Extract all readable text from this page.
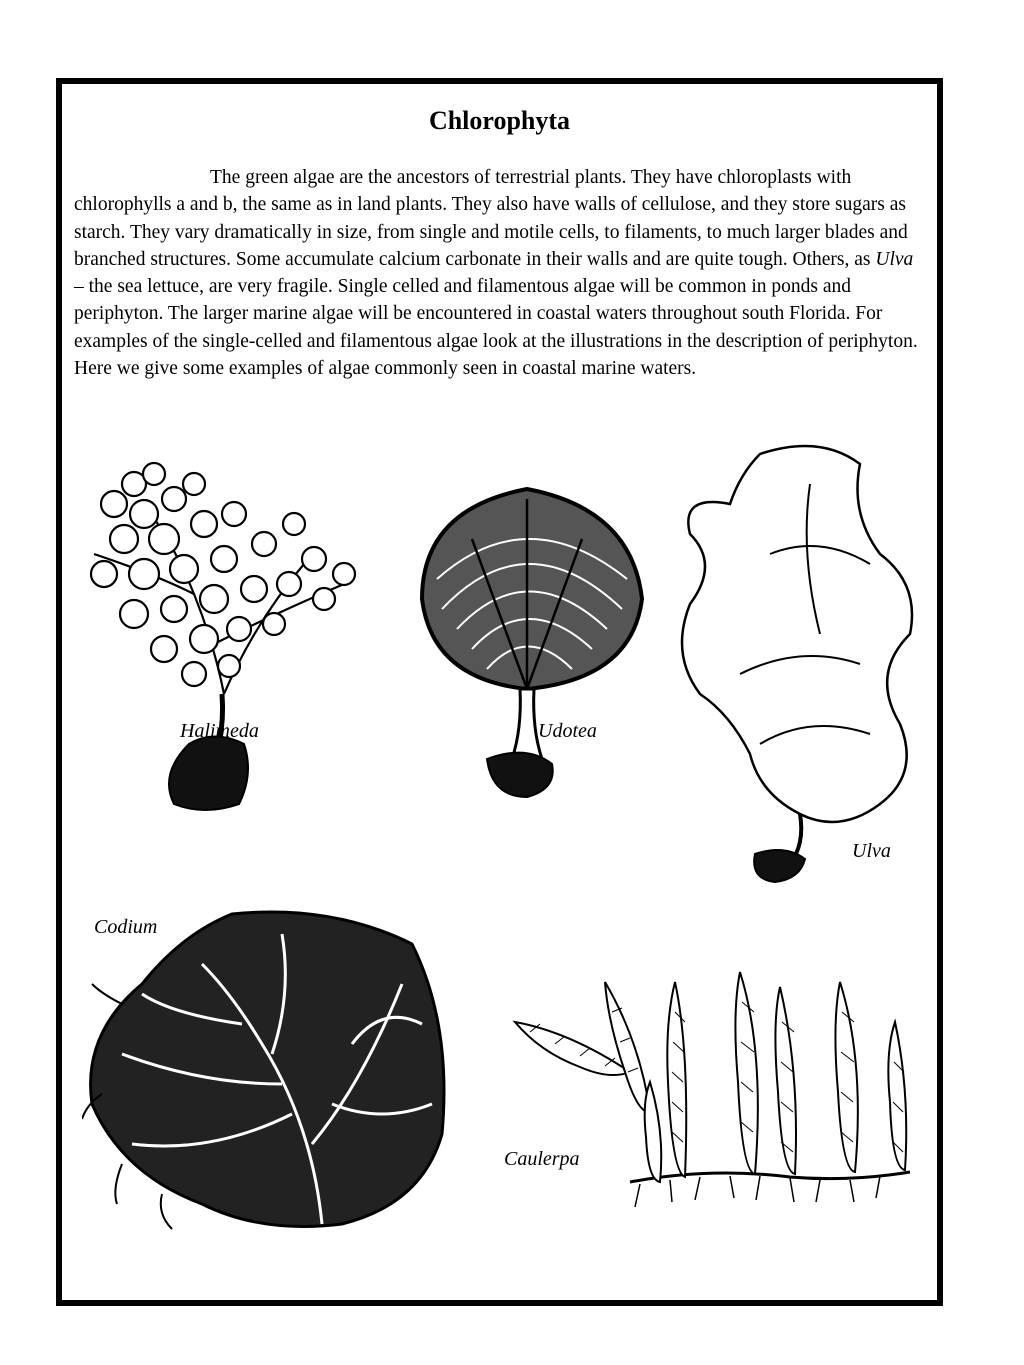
Chlorophyta

The green algae are the ancestors of terrestrial plants. They have chloroplasts with chlorophylls a and b, the same as in land plants. They also have walls of cellulose, and they store sugars as starch. They vary dramatically in size, from single and motile cells, to filaments, to much larger blades and branched structures. Some accumulate calcium carbonate in their walls and are quite tough. Others, as Ulva – the sea lettuce, are very fragile. Single celled and filamentous algae will be common in ponds and periphyton. The larger marine algae will be encountered in coastal waters throughout south Florida. For examples of the single-celled and filamentous algae look at the illustrations in the description of periphyton. Here we give some examples of algae commonly seen in coastal marine waters.

Halimeda	Udotea
Ulva
Codium
Caulerpa
